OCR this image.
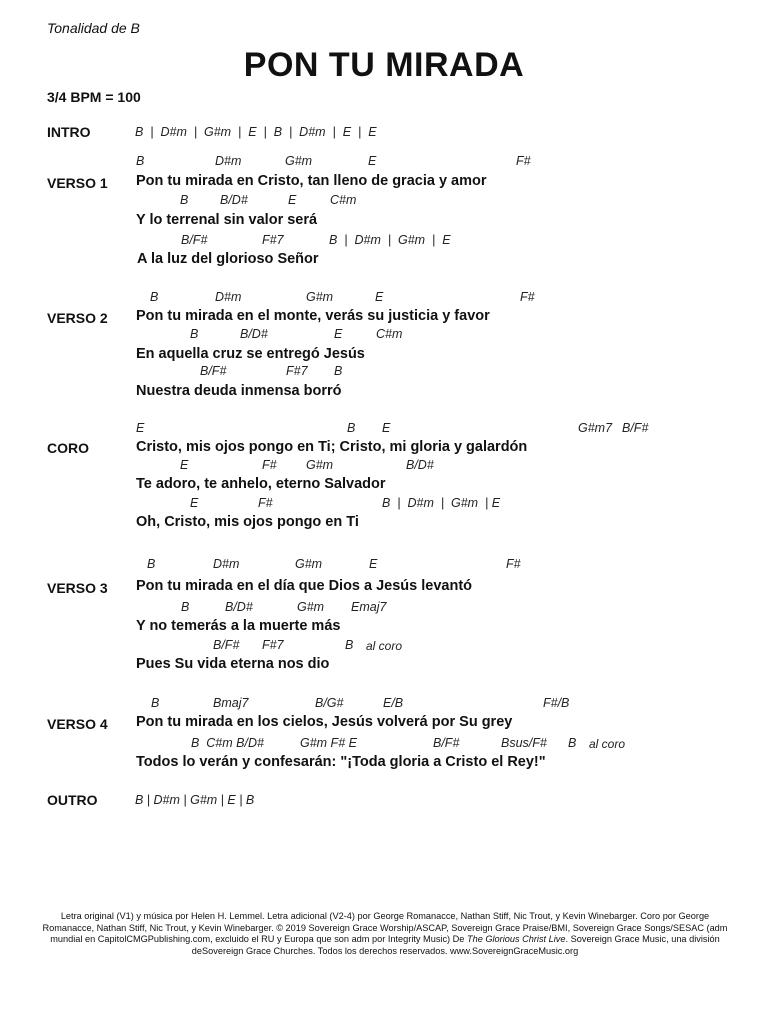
Tonalidad de B
PON TU MIRADA
3/4 BPM = 100
INTRO	B  |  D#m  |  G#m  |  E  |  B  |  D#m  |  E  |  E
B	D#m	G#m	E	F#
VERSO 1 Pon tu mirada en Cristo, tan lleno de gracia y amor
B	B/D#	E	C#m
Y lo terrenal sin valor será
B/F#	F#7	B  |  D#m  |  G#m  |  E
A la luz del glorioso Señor
B	D#m	G#m	E	F#
VERSO 2 Pon tu mirada en el monte, verás su justicia y favor
B	B/D#	E	C#m
En aquella cruz se entregó Jesús
B/F#	F#7 B
Nuestra deuda inmensa borró
E	B E	G#m7 B/F#
CORO	Cristo, mis ojos pongo en Ti; Cristo, mi gloria y galardón
E	F# G#m	B/D#
Te adoro, te anhelo, eterno Salvador
E	F#	B  |  D#m  |  G#m  | E
Oh, Cristo, mis ojos pongo en Ti
B	D#m	G#m	E	F#
VERSO 3 Pon tu mirada en el día que Dios a Jesús levantó
B	B/D#	G#m Emaj7
Y no temerás a la muerte más
B/F# F#7	B al coro
Pues Su vida eterna nos dio
B	Bmaj7	B/G#	E/B	F#/B
VERSO 4 Pon tu mirada en los cielos, Jesús volverá por Su grey
B  C#m B/D#	G#m F# E	B/F#	Bsus/F# B al coro
Todos lo verán y confesarán: "¡Toda gloria a Cristo el Rey!"
OUTRO	B | D#m | G#m | E | B
Letra original (V1) y música por Helen H. Lemmel. Letra adicional (V2-4) por George Romanacce, Nathan Stiff, Nic Trout, y Kevin Winebarger. Coro por George Romanacce, Nathan Stiff, Nic Trout, y Kevin Winebarger. © 2019 Sovereign Grace Worship/ASCAP, Sovereign Grace Praise/BMI, Sovereign Grace Songs/SESAC (adm mundial en CapitolCMGPublishing.com, excluido el RU y Europa que son adm por Integrity Music) De The Glorious Christ Live. Sovereign Grace Music, una división deSovereign Grace Churches. Todos los derechos reservados. www.SovereignGraceMusic.org
